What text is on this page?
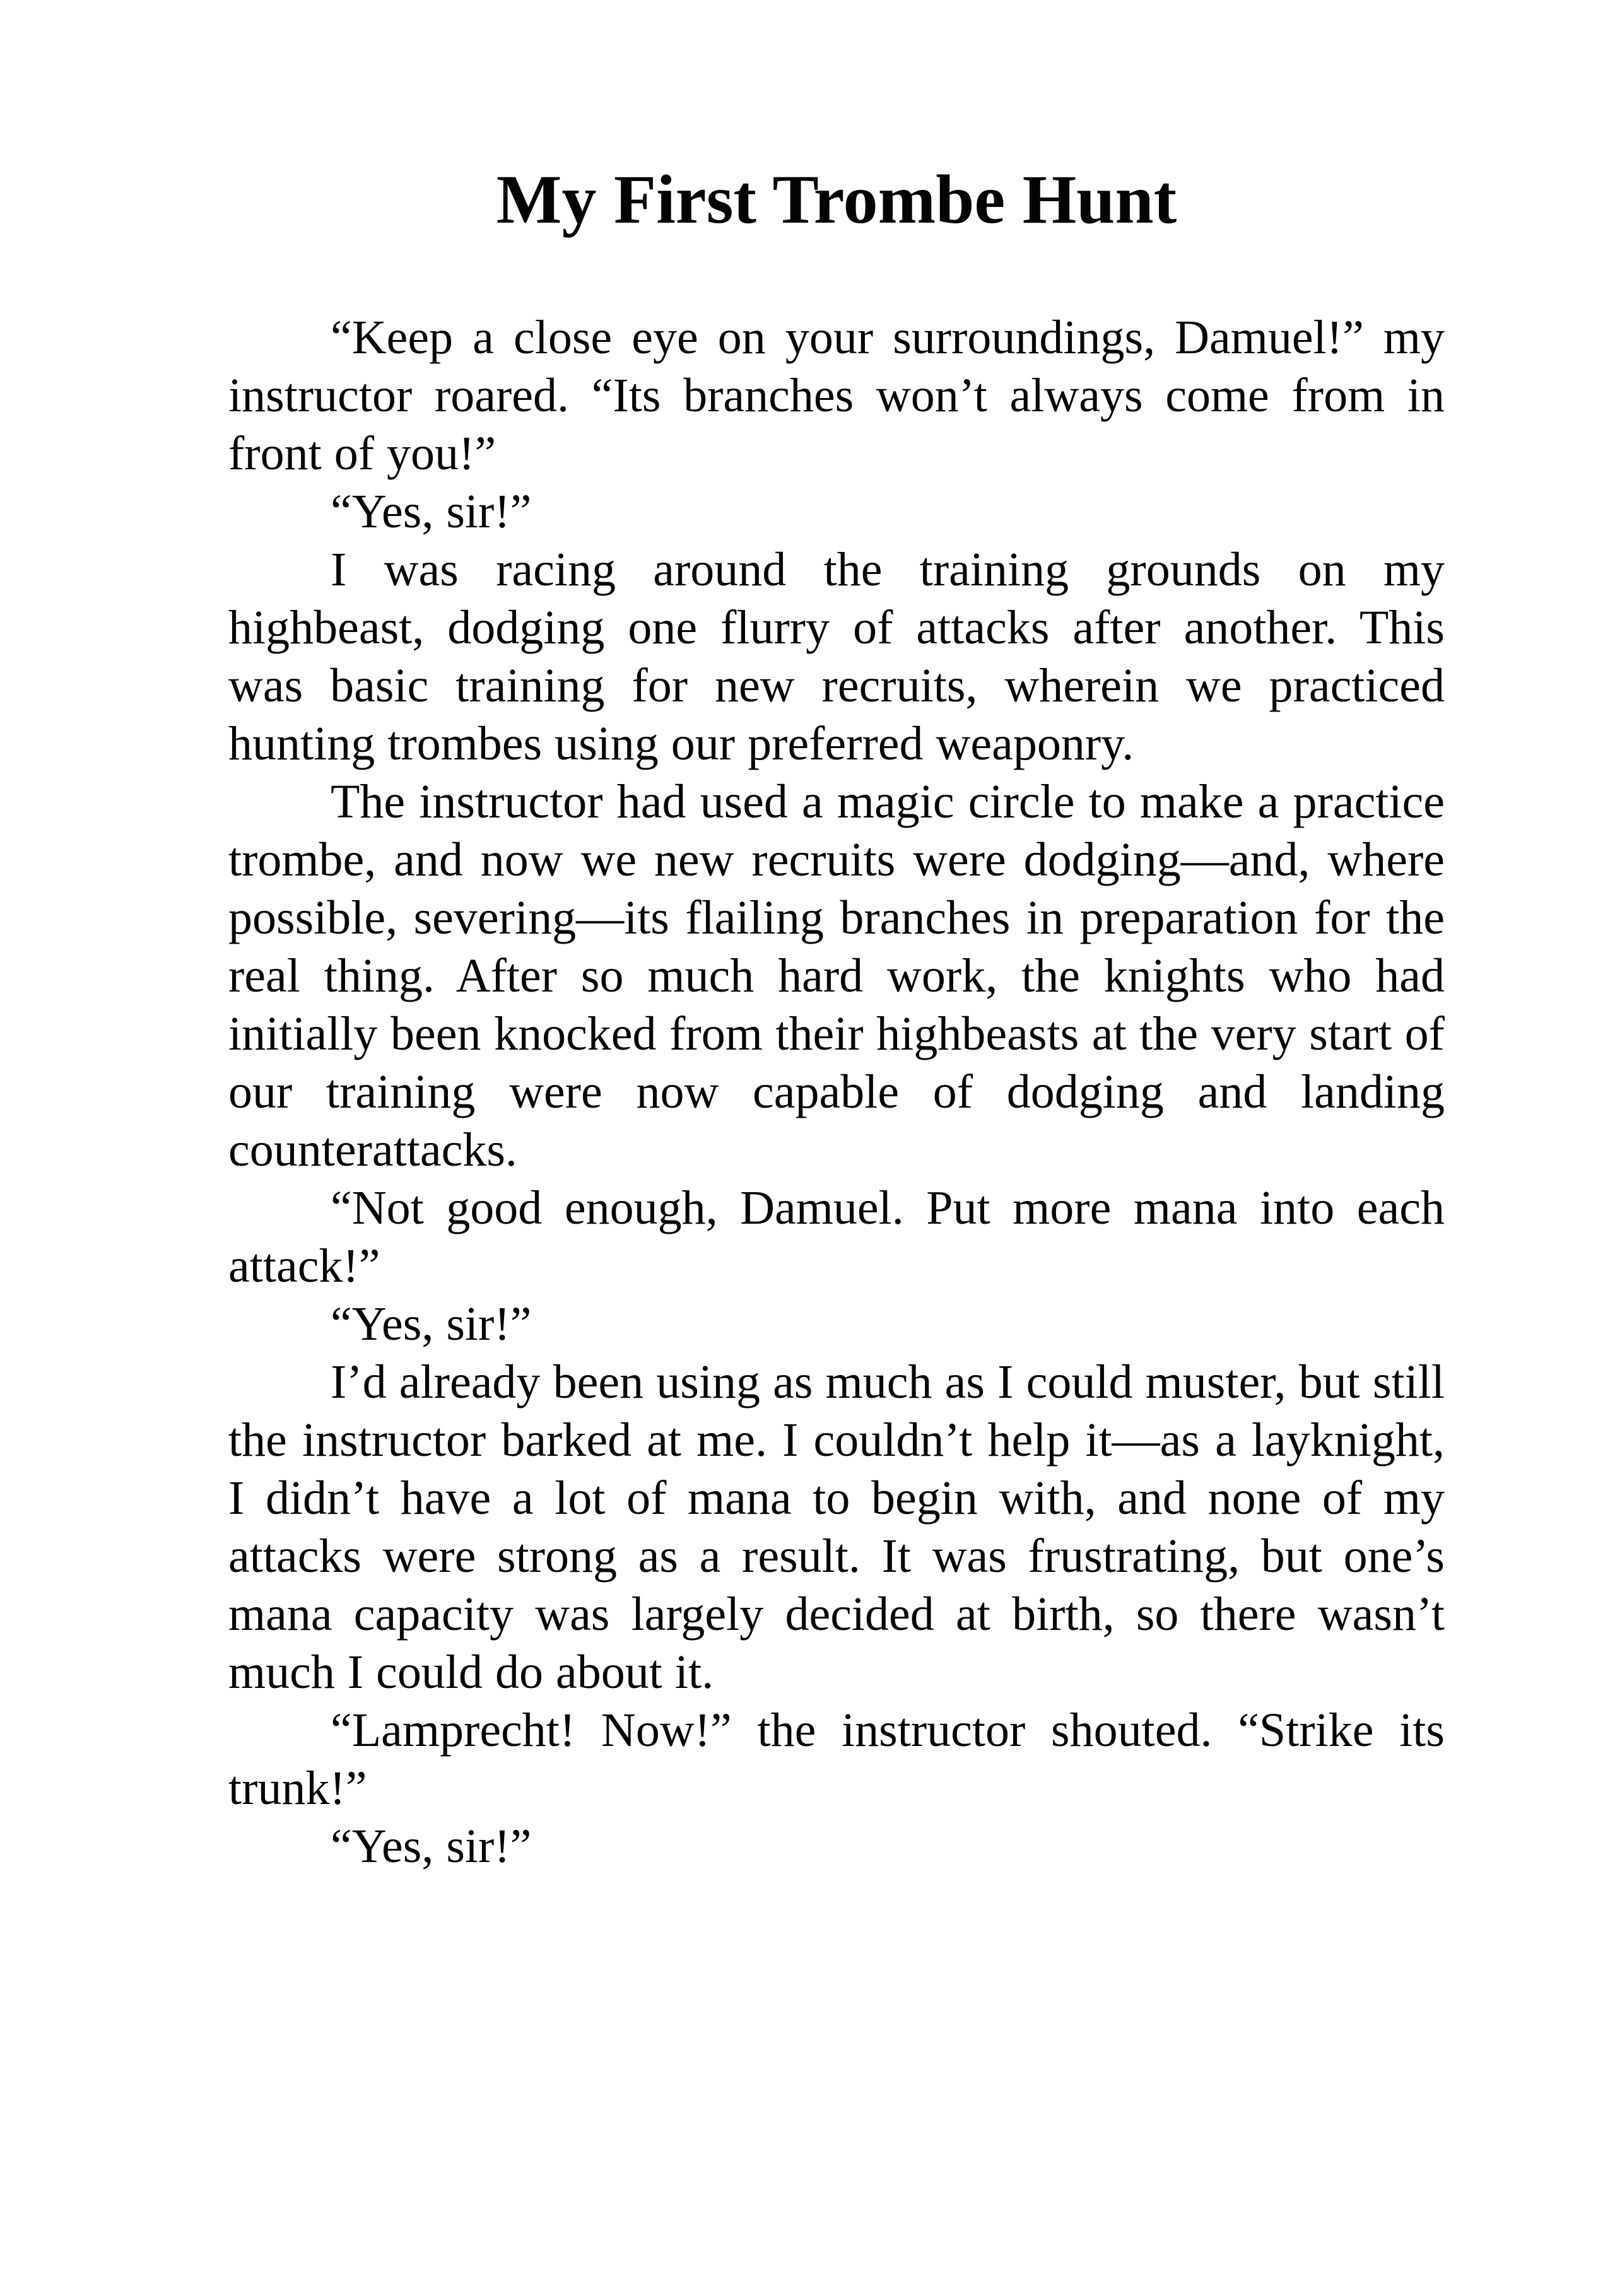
My First Trombe Hunt

“Keep a close eye on your surroundings, Damuel!” my instructor roared. “Its branches won’t always come from in front of you!”

“Yes, sir!”

I was racing around the training grounds on my highbeast, dodging one flurry of attacks after another. This was basic training for new recruits, wherein we practiced hunting trombes using our preferred weaponry.

The instructor had used a magic circle to make a practice trombe, and now we new recruits were dodging—and, where possible, severing—its flailing branches in preparation for the real thing. After so much hard work, the knights who had initially been knocked from their highbeasts at the very start of our training were now capable of dodging and landing counterattacks.

“Not good enough, Damuel. Put more mana into each attack!”

“Yes, sir!”

I’d already been using as much as I could muster, but still the instructor barked at me. I couldn’t help it—as a layknight, I didn’t have a lot of mana to begin with, and none of my attacks were strong as a result. It was frustrating, but one’s mana capacity was largely decided at birth, so there wasn’t much I could do about it.

“Lamprecht! Now!” the instructor shouted. “Strike its trunk!”

“Yes, sir!”
